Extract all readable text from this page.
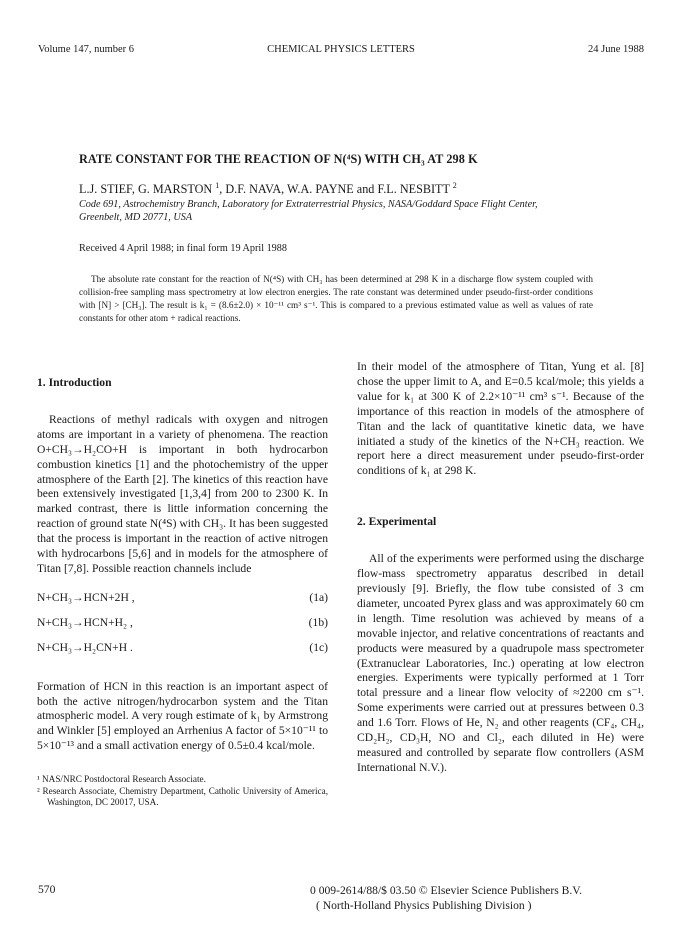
Volume 147, number 6	CHEMICAL PHYSICS LETTERS	24 June 1988
RATE CONSTANT FOR THE REACTION OF N(⁴S) WITH CH₃ AT 298 K
L.J. STIEF, G. MARSTON $^1$, D.F. NAVA, W.A. PAYNE and F.L. NESBITT $^2$
Code 691, Astrochemistry Branch, Laboratory for Extraterrestrial Physics, NASA/Goddard Space Flight Center,
Greenbelt, MD 20771, USA
Received 4 April 1988; in final form 19 April 1988

The absolute rate constant for the reaction of N(⁴S) with CH₃ has been determined at 298 K in a discharge flow system coupled with collision-free sampling mass spectrometry at low electron energies. The rate constant was determined under pseudo-first-order conditions with [N] > [CH₃]. The result is k₁ = (8.6±2.0) × 10⁻¹¹ cm³ s⁻¹. This is compared to a previous estimated value as well as values of rate constants for other atom + radical reactions.

1. Introduction

Reactions of methyl radicals with oxygen and nitrogen atoms are important in a variety of phenomena. The reaction O+CH₃→H₂CO+H is important in both hydrocarbon combustion kinetics [1] and the photochemistry of the upper atmosphere of the Earth [2]. The kinetics of this reaction have been extensively investigated [1,3,4] from 200 to 2300 K. In marked contrast, there is little information concerning the reaction of ground state N(⁴S) with CH₃. It has been suggested that the process is important in the reaction of active nitrogen with hydrocarbons [5,6] and in models for the atmosphere of Titan [7,8]. Possible reaction channels include

N+CH₃→HCN+2H ,	(1a)
N+CH₃→HCN+H₂ ,	(1b)
N+CH₃→H₂CN+H .	(1c)

Formation of HCN in this reaction is an important aspect of both the active nitrogen/hydrocarbon system and the Titan atmospheric model. A very rough estimate of k₁ by Armstrong and Winkler [5] employed an Arrhenius A factor of 5×10⁻¹¹ to 5×10⁻¹³ and a small activation energy of 0.5±0.4 kcal/mole.

¹ NAS/NRC Postdoctoral Research Associate.

² Research Associate, Chemistry Department, Catholic University of America, Washington, DC 20017, USA.

In their model of the atmosphere of Titan, Yung et al. [8] chose the upper limit to A, and E=0.5 kcal/mole; this yields a value for k₁ at 300 K of 2.2×10⁻¹¹ cm³ s⁻¹. Because of the importance of this reaction in models of the atmosphere of Titan and the lack of quantitative kinetic data, we have initiated a study of the kinetics of the N+CH₃ reaction. We report here a direct measurement under pseudo-first-order conditions of k₁ at 298 K.

2. Experimental

All of the experiments were performed using the discharge flow-mass spectrometry apparatus described in detail previously [9]. Briefly, the flow tube consisted of 3 cm diameter, uncoated Pyrex glass and was approximately 60 cm in length. Time resolution was achieved by means of a movable injector, and relative concentrations of reactants and products were measured by a quadrupole mass spectrometer (Extranuclear Laboratories, Inc.) operating at low electron energies. Experiments were typically performed at 1 Torr total pressure and a linear flow velocity of ≈2200 cm s⁻¹. Some experiments were carried out at pressures between 0.3 and 1.6 Torr. Flows of He, N₂ and other reagents (CF₄, CH₄, CD₂H₂, CD₃H, NO and Cl₂, each diluted in He) were measured and controlled by separate flow controllers (ASM International N.V.).

570	0 009-2614/88/$ 03.50 © Elsevier Science Publishers B.V.
( North-Holland Physics Publishing Division )
